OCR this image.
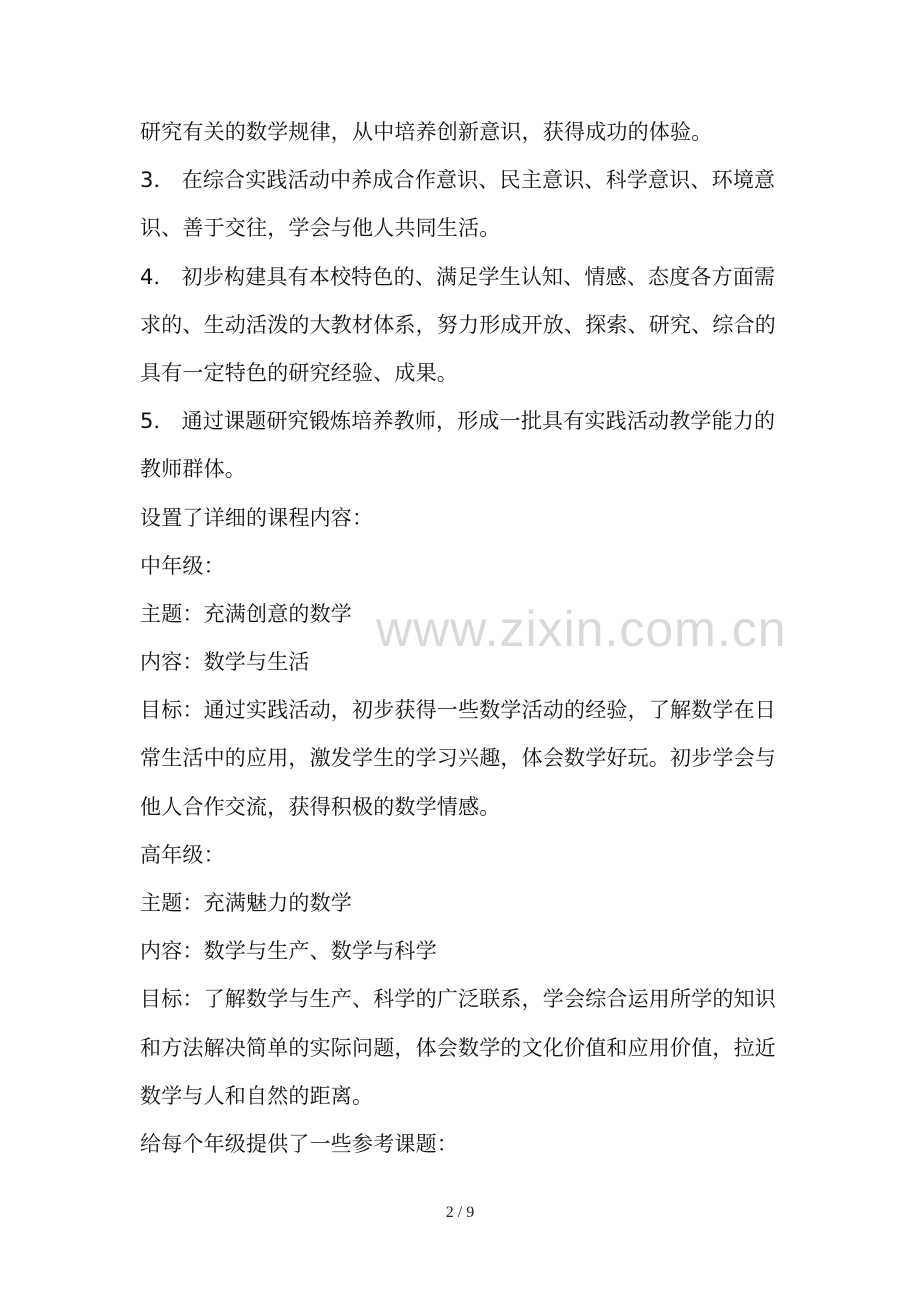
研究有关的数学规律，从中培养创新意识，获得成功的体验。
3． 在综合实践活动中养成合作意识、民主意识、科学意识、环境意
识、善于交往，学会与他人共同生活。
4． 初步构建具有本校特色的、满足学生认知、情感、态度各方面需
求的、生动活泼的大教材体系，努力形成开放、探索、研究、综合的
具有一定特色的研究经验、成果。
5． 通过课题研究锻炼培养教师，形成一批具有实践活动教学能力的
教师群体。
设置了详细的课程内容：
中年级：
主题：充满创意的数学
内容：数学与生活
目标：通过实践活动，初步获得一些数学活动的经验，了解数学在日
常生活中的应用，激发学生的学习兴趣，体会数学好玩。初步学会与
他人合作交流，获得积极的数学情感。
高年级：
主题：充满魅力的数学
内容：数学与生产、数学与科学
目标：了解数学与生产、科学的广泛联系，学会综合运用所学的知识
和方法解决简单的实际问题，体会数学的文化价值和应用价值，拉近
数学与人和自然的距离。
给每个年级提供了一些参考课题：
www.zixin.com.cn
2 / 9
